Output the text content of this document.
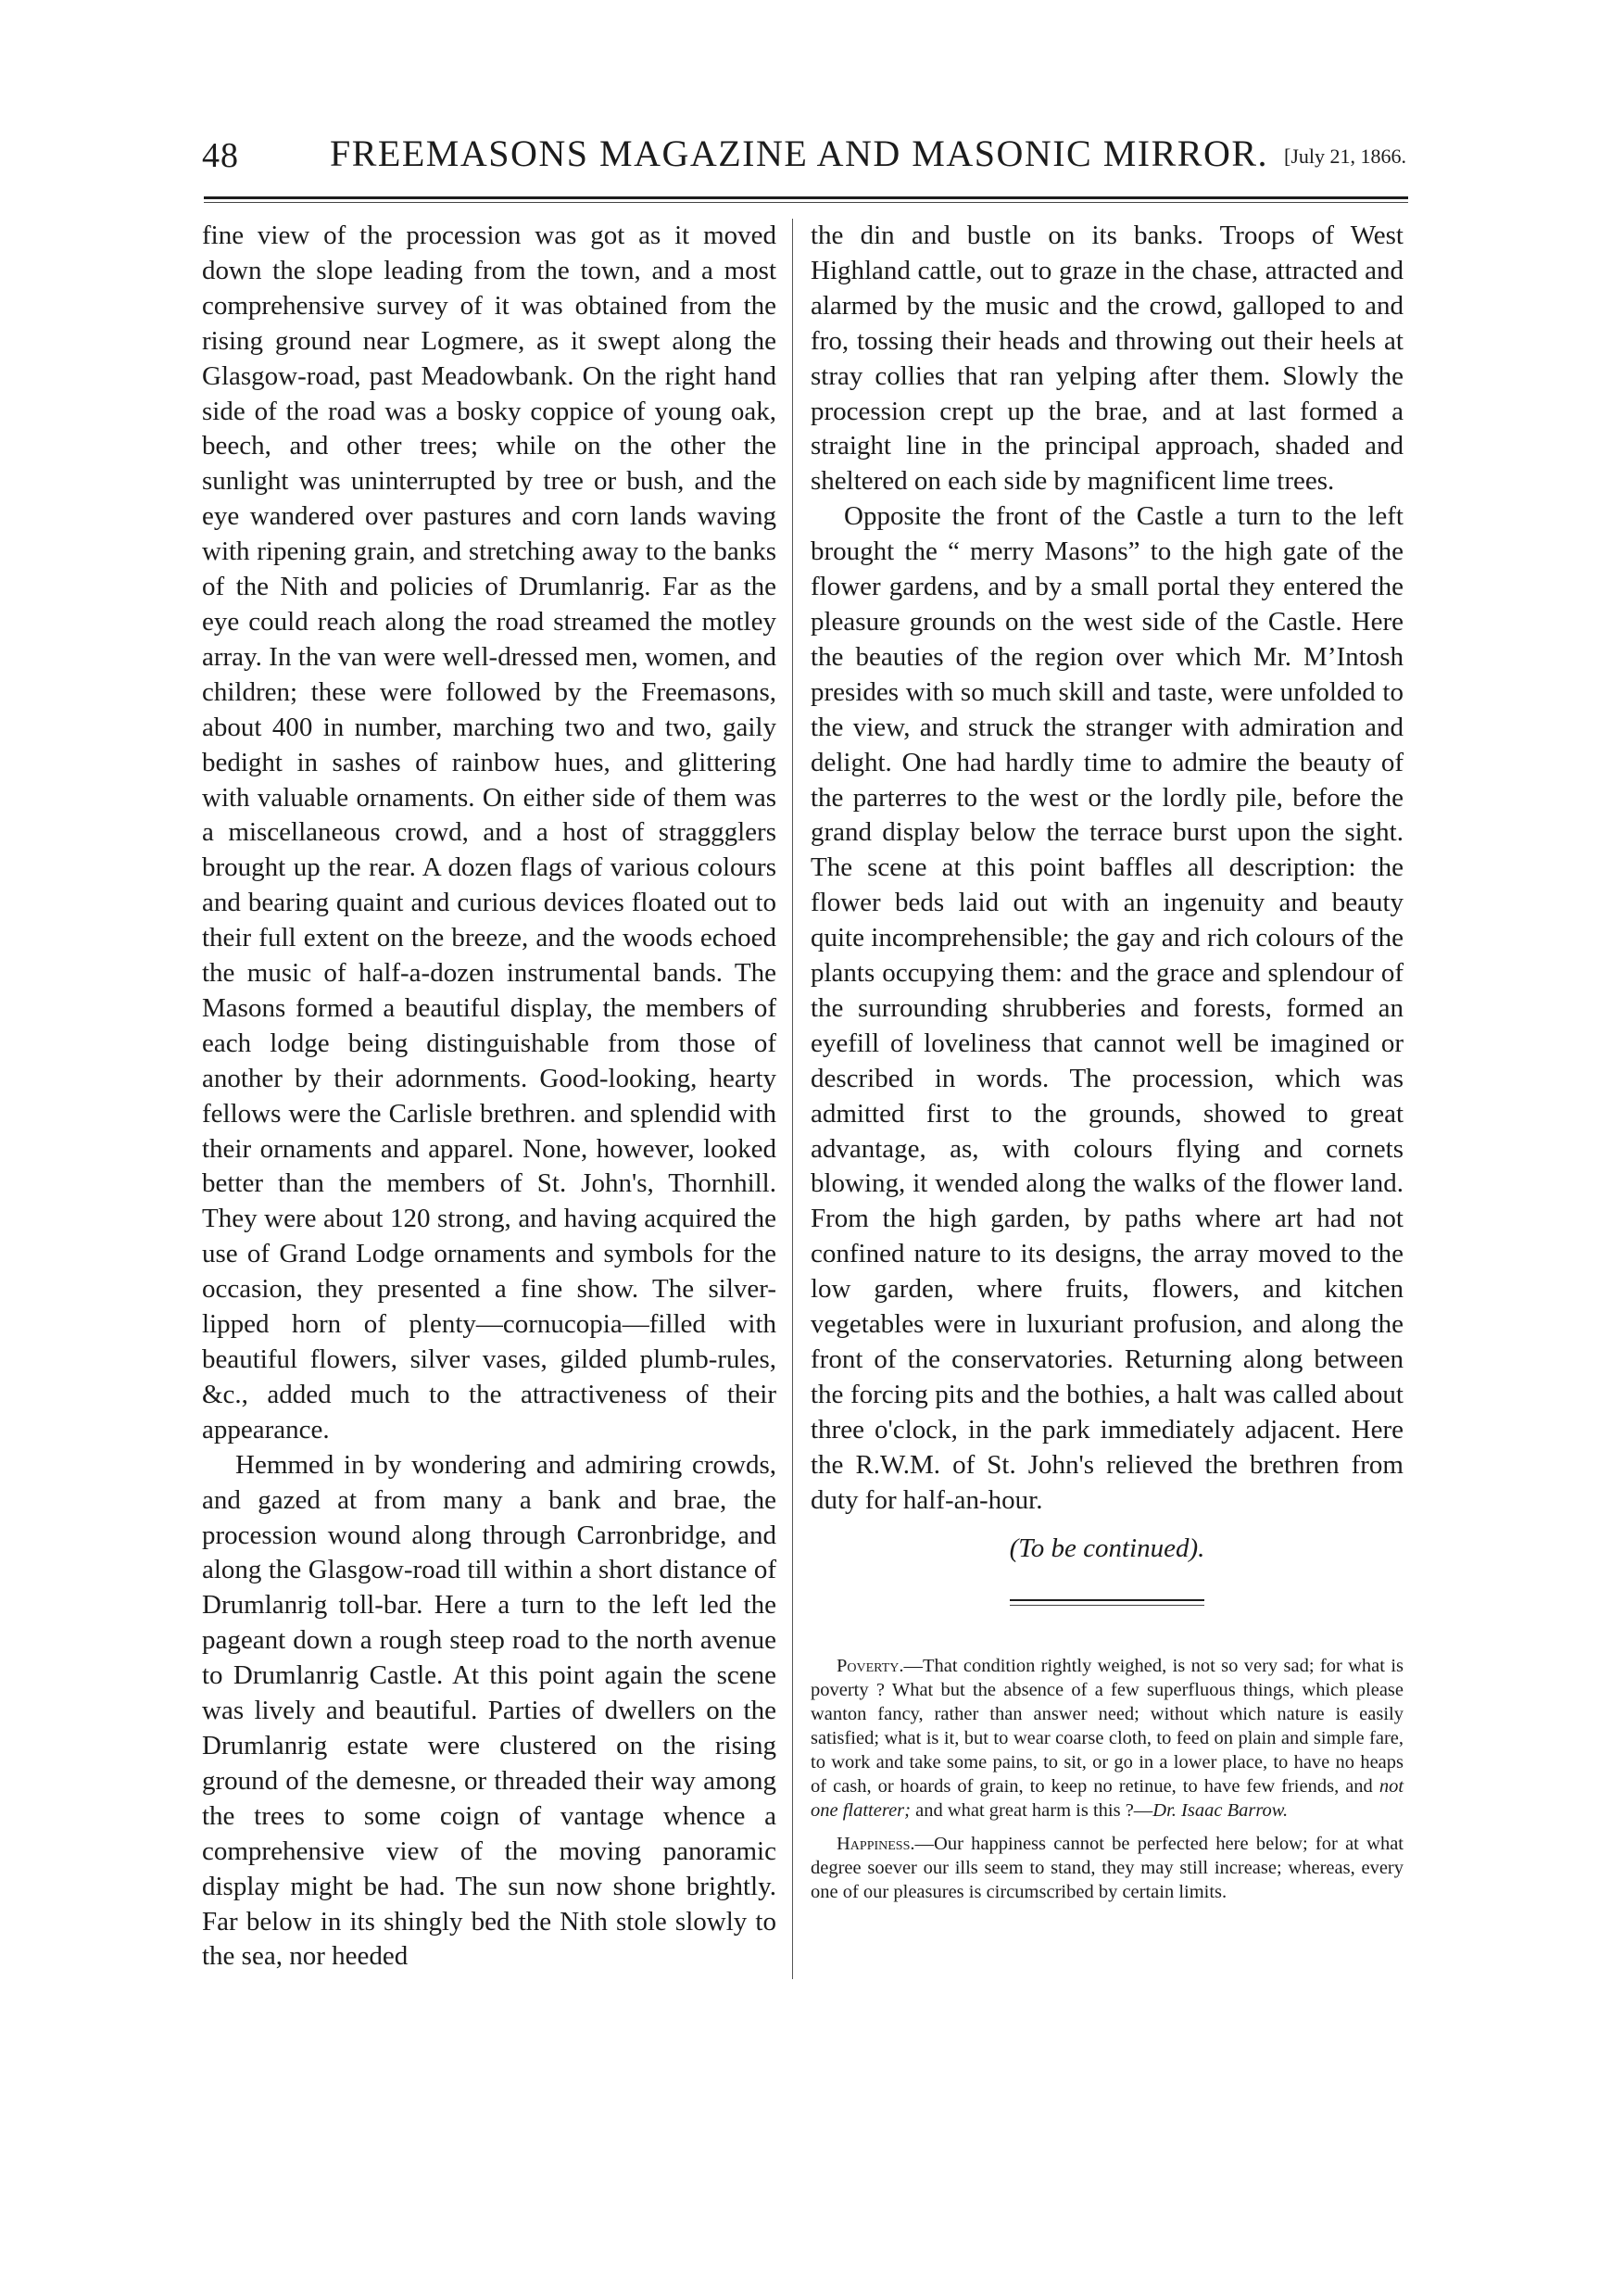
48 FREEMASONS MAGAZINE AND MASONIC MIRROR. [July 21, 1866.

fine view of the procession was got as it moved down the slope leading from the town, and a most comprehensive survey of it was obtained from the rising ground near Logmere, as it swept along the Glasgow-road, past Meadowbank. On the right hand side of the road was a bosky coppice of young oak, beech, and other trees; while on the other the sunlight was uninterrupted by tree or bush, and the eye wandered over pastures and corn lands waving with ripening grain, and stretching away to the banks of the Nith and policies of Drumlanrig. Far as the eye could reach along the road streamed the motley array. In the van were well-dressed men, women, and children; these were followed by the Freemasons, about 400 in number, marching two and two, gaily bedight in sashes of rainbow hues, and glittering with valuable ornaments. On either side of them was a miscellaneous crowd, and a host of straggglers brought up the rear. A dozen flags of various colours and bearing quaint and curious devices floated out to their full extent on the breeze, and the woods echoed the music of half-a-dozen instrumental bands. The Masons formed a beautiful display, the members of each lodge being distinguishable from those of another by their adornments. Good-looking, hearty fellows were the Carlisle brethren. and splendid with their ornaments and apparel. None, however, looked better than the members of St. John's, Thornhill. They were about 120 strong, and having acquired the use of Grand Lodge ornaments and symbols for the occasion, they presented a fine show. The silver-lipped horn of plenty—cornucopia—filled with beautiful flowers, silver vases, gilded plumb-rules, &c., added much to the attractiveness of their appearance.

Hemmed in by wondering and admiring crowds, and gazed at from many a bank and brae, the procession wound along through Carronbridge, and along the Glasgow-road till within a short distance of Drumlanrig toll-bar. Here a turn to the left led the pageant down a rough steep road to the north avenue to Drumlanrig Castle. At this point again the scene was lively and beautiful. Parties of dwellers on the Drumlanrig estate were clustered on the rising ground of the demesne, or threaded their way among the trees to some coign of vantage whence a comprehensive view of the moving panoramic display might be had. The sun now shone brightly. Far below in its shingly bed the Nith stole slowly to the sea, nor heeded

the din and bustle on its banks. Troops of West Highland cattle, out to graze in the chase, attracted and alarmed by the music and the crowd, galloped to and fro, tossing their heads and throwing out their heels at stray collies that ran yelping after them. Slowly the procession crept up the brae, and at last formed a straight line in the principal approach, shaded and sheltered on each side by magnificent lime trees.

Opposite the front of the Castle a turn to the left brought the “ merry Masons” to the high gate of the flower gardens, and by a small portal they entered the pleasure grounds on the west side of the Castle. Here the beauties of the region over which Mr. M’Intosh presides with so much skill and taste, were unfolded to the view, and struck the stranger with admiration and delight. One had hardly time to admire the beauty of the parterres to the west or the lordly pile, before the grand display below the terrace burst upon the sight. The scene at this point baffles all description: the flower beds laid out with an ingenuity and beauty quite incomprehensible; the gay and rich colours of the plants occupying them: and the grace and splendour of the surrounding shrubberies and forests, formed an eyefill of loveliness that cannot well be imagined or described in words. The procession, which was admitted first to the grounds, showed to great advantage, as, with colours flying and cornets blowing, it wended along the walks of the flower land. From the high garden, by paths where art had not confined nature to its designs, the array moved to the low garden, where fruits, flowers, and kitchen vegetables were in luxuriant profusion, and along the front of the conservatories. Returning along between the forcing pits and the bothies, a halt was called about three o'clock, in the park immediately adjacent. Here the R.W.M. of St. John's relieved the brethren from duty for half-an-hour.

(To be continued).

Poverty.—That condition rightly weighed, is not so very sad; for what is poverty ? What but the absence of a few superfluous things, which please wanton fancy, rather than answer need; without which nature is easily satisfied; what is it, but to wear coarse cloth, to feed on plain and simple fare, to work and take some pains, to sit, or go in a lower place, to have no heaps of cash, or hoards of grain, to keep no retinue, to have few friends, and not one flatterer; and what great harm is this ?—Dr. Isaac Barrow.

Happiness.—Our happiness cannot be perfected here below; for at what degree soever our ills seem to stand, they may still increase; whereas, every one of our pleasures is circumscribed by certain limits.
